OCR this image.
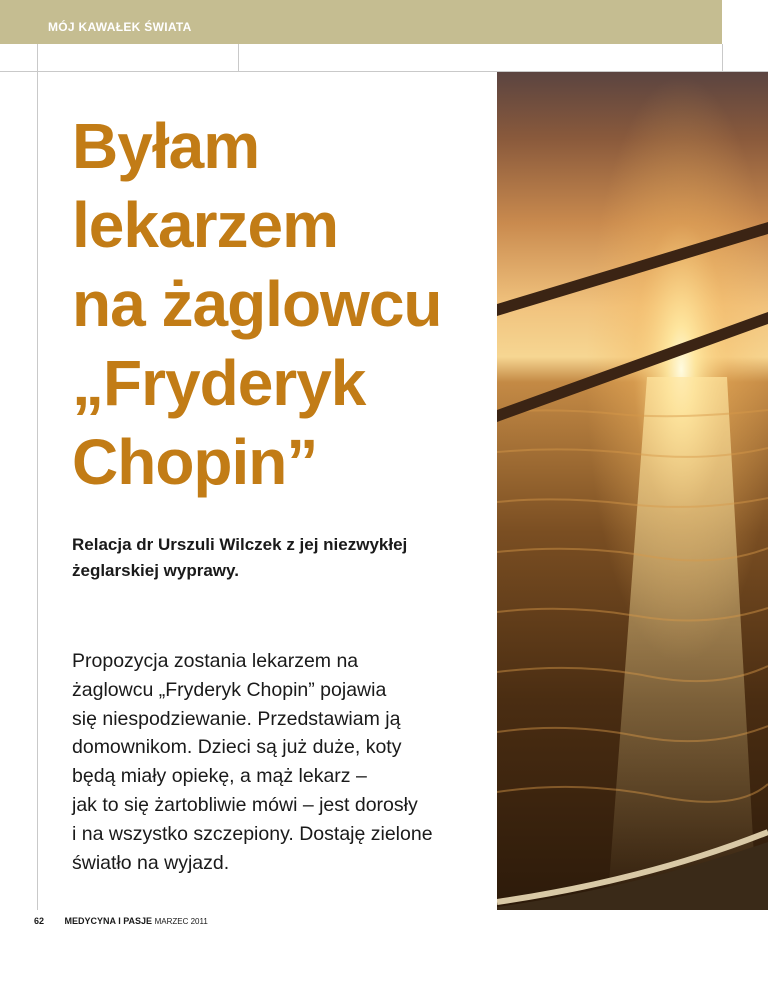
MÓJ KAWAŁEK ŚWIATA
Byłam
lekarzem
na żaglowcu
„Fryderyk
Chopin”

Relacja dr Urszuli Wilczek z jej niezwykłej
żeglarskiej wyprawy.

Propozycja zostania lekarzem na
żaglowcu „Fryderyk Chopin” pojawia
się niespodziewanie. Przedstawiam ją
domownikom. Dzieci są już duże, koty
będą miały opiekę, a mąż lekarz –
jak to się żartobliwie mówi – jest dorosły
i na wszystko szczepiony. Dostaję zielone
światło na wyjazd.

62 MEDYCYNA I PASJE MARZEC 2011
